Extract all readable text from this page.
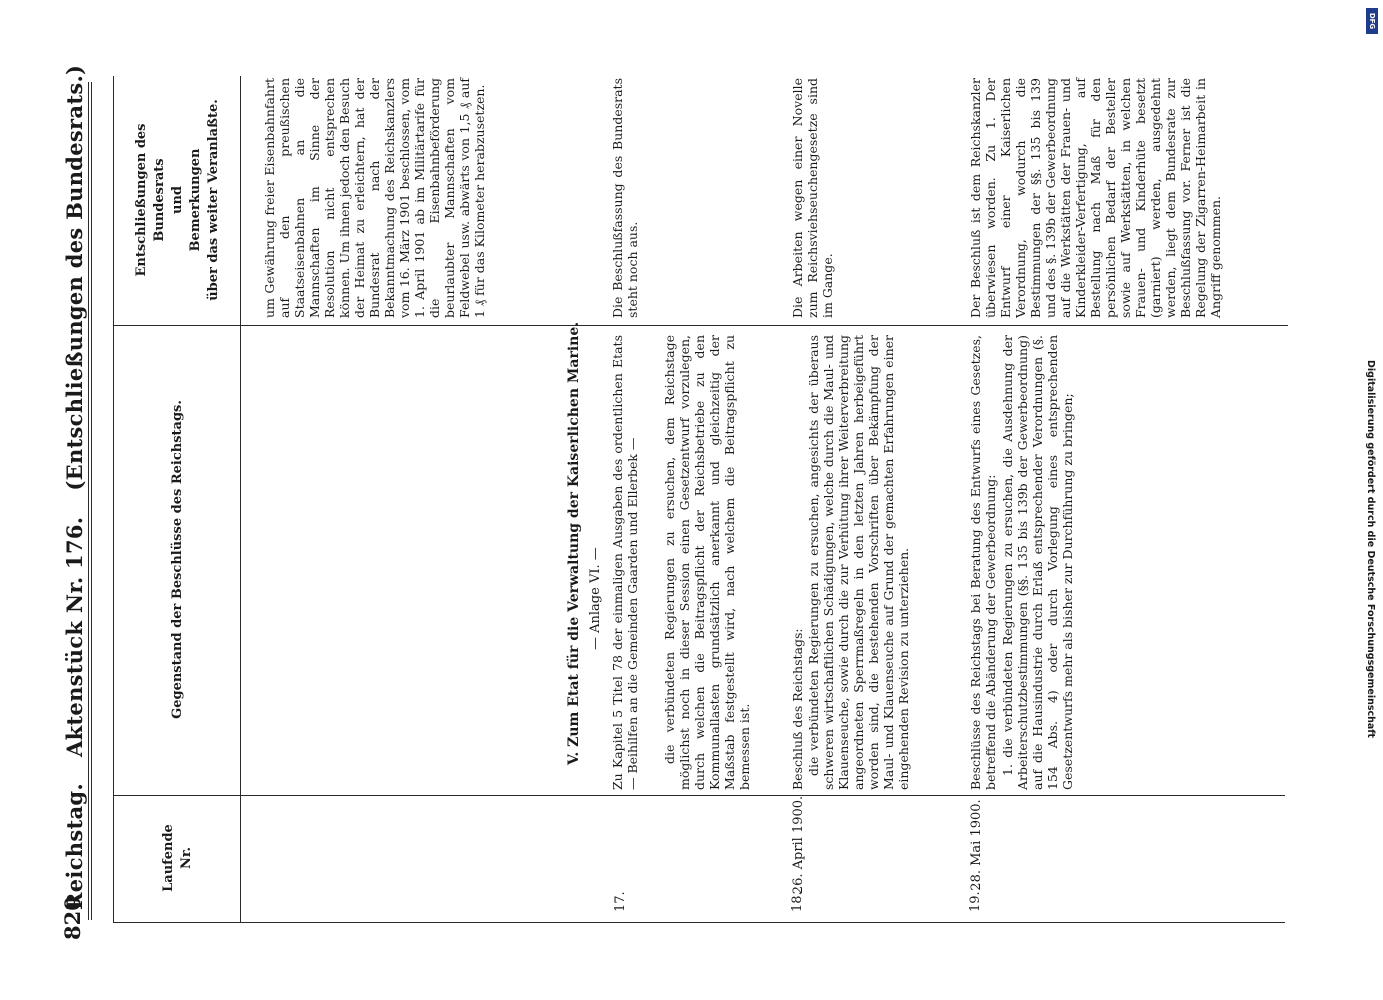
DFG
Digitalisierung gefördert durch die Deutsche Forschungsgemeinschaft
820
Reichstag.
Aktenstück Nr. 176.
(Entschließungen des Bundesrats.)
Laufende Nr.
Gegenstand der Beschlüsse des Reichstags.
Entschließungen des Bundesrats und Bemerkungen über das weiter Veranlaßte.	um Gewährung freier Eisenbahnfahrt auf den preußischen Staatseisenbahnen an die Mannschaften im Sinne der Resolution nicht entsprechen können. Um ihnen jedoch den Besuch der Heimat zu erleichtern, hat der Bundesrat nach der Bekanntmachung des Reichskanzlers vom 16. März 1901 beschlossen, vom 1. April 1901 ab im Militärtarife für die Eisenbahnbeförderung beurlaubter Mannschaften vom Feldwebel usw. abwärts von 1,5 ₰ auf 1 ₰ für das Kilometer herabzusetzen.
V. Zum Etat für die Verwaltung der Kaiserlichen Marine. — Anlage VI. —
17.
Zu Kapitel 5 Titel 78 der einmaligen Ausgaben des ordentlichen Etats — Beihilfen an die Gemeinden Gaarden und Ellerbek —	die verbündeten Regierungen zu ersuchen, dem Reichstage möglichst noch in dieser Session einen Gesetzentwurf vorzulegen, durch welchen die Beitragspflicht der Reichsbetriebe zu den Kommunallasten grundsätzlich anerkannt und gleichzeitig der Maßstab festgestellt wird, nach welchem die Beitragspflicht zu bemessen ist.
Die Beschlußfassung des Bundesrats steht noch aus.
18.
26. April 1900.
Beschluß des Reichstags: die verbündeten Regierungen zu ersuchen, angesichts der überaus schweren wirtschaftlichen Schädigungen, welche durch die Maul- und Klauenseuche, sowie durch die zur Verhütung ihrer Weiterverbreitung angeordneten Sperrmaßregeln in den letzten Jahren herbeigeführt worden sind, die bestehenden Vorschriften über Bekämpfung der Maul- und Klauenseuche auf Grund der gemachten Erfahrungen einer eingehenden Revision zu unterziehen.
Die Arbeiten wegen einer Novelle zum Reichsviehseuchengesetze sind im Gange.
19.
28. Mai 1900.
Beschlüsse des Reichstags bei Beratung des Entwurfs eines Gesetzes, betreffend die Abänderung der Gewerbeordnung: 1. die verbündeten Regierungen zu ersuchen, die Ausdehnung der Arbeiterschutzbestimmungen (§§. 135 bis 139b der Gewerbeordnung) auf die Hausindustrie durch Erlaß entsprechender Verordnungen (§. 154 Abs. 4) oder durch Vorlegung eines entsprechenden Gesetzentwurfs mehr als bisher zur Durchführung zu bringen;
Der Beschluß ist dem Reichskanzler überwiesen worden. Zu 1. Der Entwurf einer Kaiserlichen Verordnung, wodurch die Bestimmungen der §§. 135 bis 139 und des §. 139b der Gewerbeordnung auf die Werkstätten der Frauen- und Kinderkleider-Verfertigung, auf Bestellung nach Maß für den persönlichen Bedarf der Besteller sowie auf Werkstätten, in welchen Frauen- und Kinderhüte besetzt (garniert) werden, ausgedehnt werden, liegt dem Bundesrate zur Beschlußfassung vor. Ferner ist die Regelung der Zigarren-Heimarbeit in Angriff genommen.
